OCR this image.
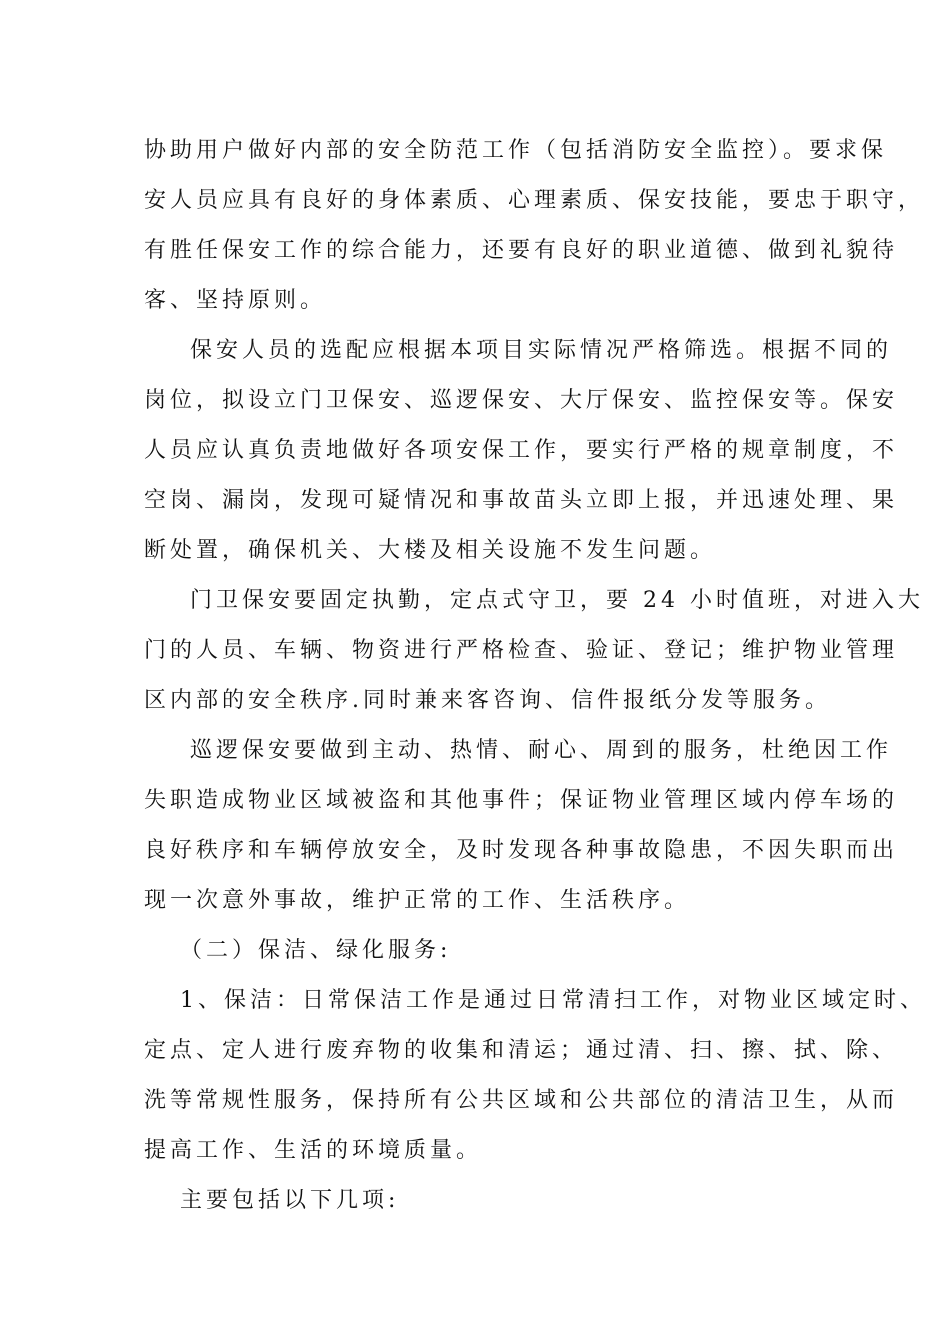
协助用户做好内部的安全防范工作（包括消防安全监控）。要求保
安人员应具有良好的身体素质、心理素质、保安技能，要忠于职守，
有胜任保安工作的综合能力，还要有良好的职业道德、做到礼貌待
客、坚持原则。
保安人员的选配应根据本项目实际情况严格筛选。根据不同的
岗位，拟设立门卫保安、巡逻保安、大厅保安、监控保安等。保安
人员应认真负责地做好各项安保工作，要实行严格的规章制度，不
空岗、漏岗，发现可疑情况和事故苗头立即上报，并迅速处理、果
断处置，确保机关、大楼及相关设施不发生问题。
门卫保安要固定执勤，定点式守卫，要 24 小时值班，对进入大
门的人员、车辆、物资进行严格检查、验证、登记；维护物业管理
区内部的安全秩序.同时兼来客咨询、信件报纸分发等服务。
巡逻保安要做到主动、热情、耐心、周到的服务，杜绝因工作
失职造成物业区域被盗和其他事件；保证物业管理区域内停车场的
良好秩序和车辆停放安全，及时发现各种事故隐患，不因失职而出
现一次意外事故，维护正常的工作、生活秩序。
（二）保洁、绿化服务:
1、保洁：日常保洁工作是通过日常清扫工作，对物业区域定时、
定点、定人进行废弃物的收集和清运；通过清、扫、擦、拭、除、
洗等常规性服务，保持所有公共区域和公共部位的清洁卫生，从而
提高工作、生活的环境质量。
主要包括以下几项:
